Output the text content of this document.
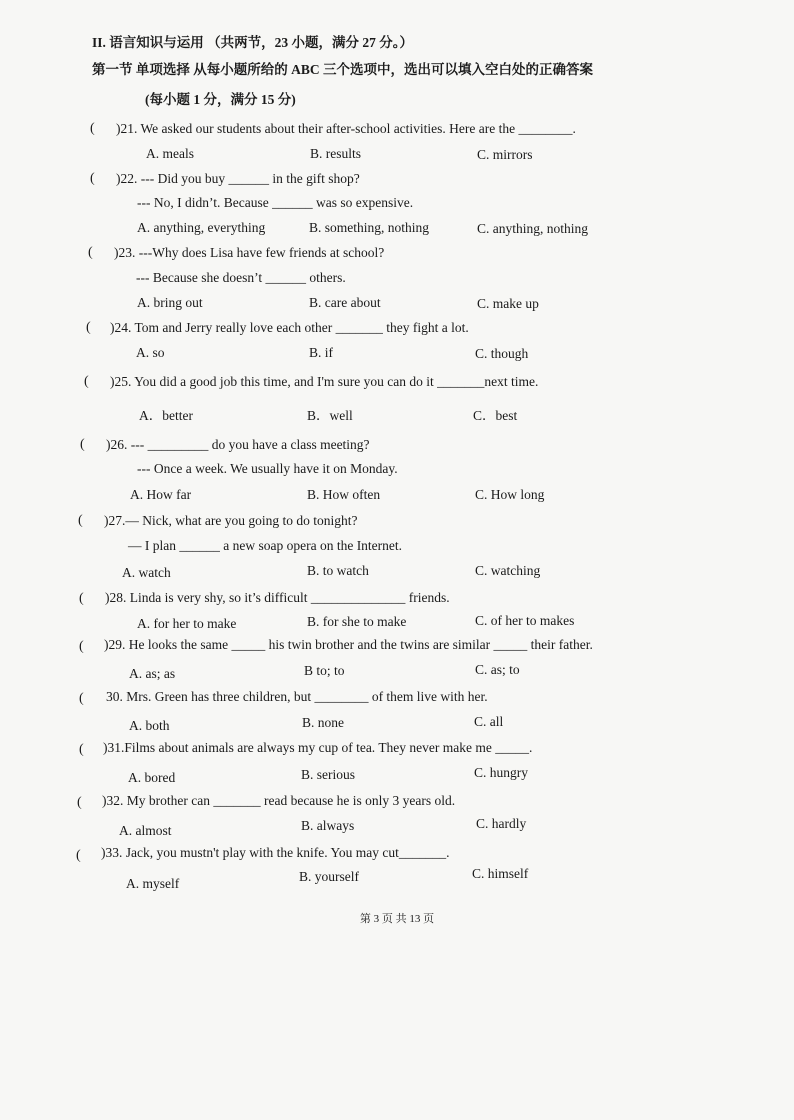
II. 语言知识与运用 （共两节，23 小题，满分 27 分。）
第一节 单项选择 从每小题所给的 ABC 三个选项中，选出可以填入空白处的正确答案
(每小题 1 分，满分 15 分)
( )21. We asked our students about their after-school activities. Here are the ________.
A. meals	B. results	C. mirrors
( )22. --- Did you buy ______ in the gift shop?
--- No, I didn’t. Because ______ was so expensive.
A. anything, everything	B. something, nothing	C. anything, nothing
( )23. ---Why does Lisa have few friends at school?
--- Because she doesn’t ______ others.
A. bring out	B. care about	C. make up
( )24. Tom and Jerry really love each other _______ they fight a lot.
A. so	B. if	C. though
( )25. You did a good job this time, and I'm sure you can do it _______next time.
A．better	B．well	C．best
( )26. --- _________ do you have a class meeting?
--- Once a week. We usually have it on Monday.
A. How far	B. How often	C. How long
( )27.— Nick, what are you going to do tonight?
— I plan ______ a new soap opera on the Internet.
A. watch	B. to watch	C. watching
( )28. Linda is very shy, so it’s difficult ______________ friends.
A. for her to make	B. for she to make	C. of her to makes
( )29. He looks the same _____ his twin brother and the twins are similar _____ their father.
A. as; as	B to; to	C. as; to
( 30. Mrs. Green has three children, but ________ of them live with her.
A. both	B. none	C. all
( )31.Films about animals are always my cup of tea. They never make me _____.
A. bored	B. serious	C. hungry
( )32. My brother can _______ read because he is only 3 years old.
A. almost	B. always	C. hardly
( )33. Jack, you mustn't play with the knife. You may cut_______.
A. myself	B. yourself	C. himself
第 3 页 共 13 页
